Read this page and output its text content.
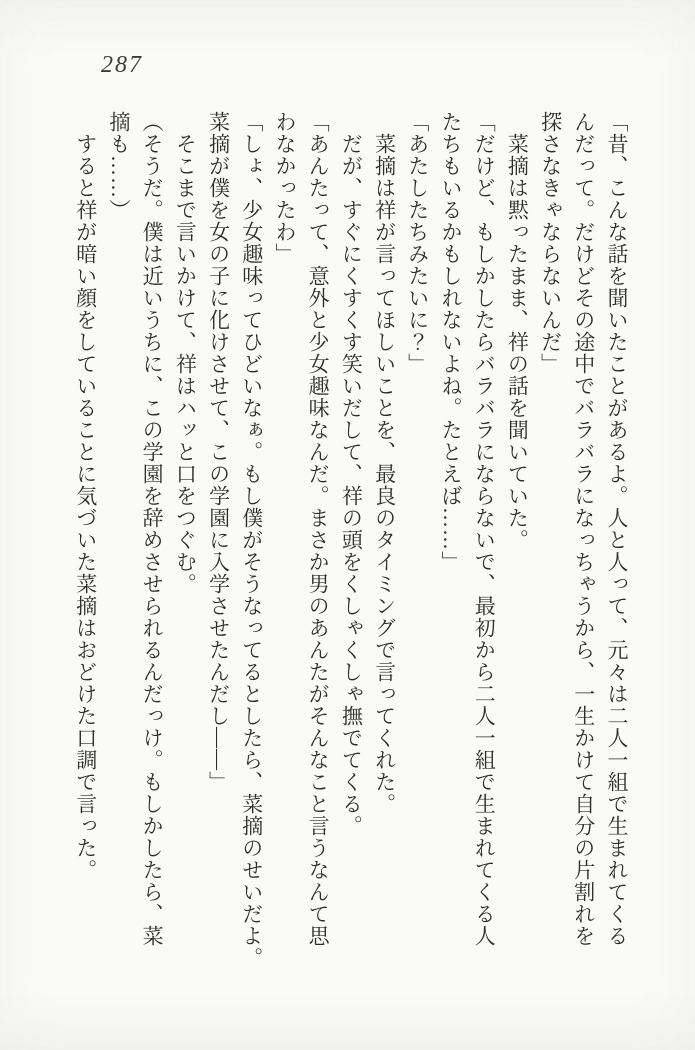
287
「昔、こんな話を聞いたことがあるよ。人と人って、元々は二人一組で生まれてくる
んだって。だけどその途中でバラバラになっちゃうから、一生かけて自分の片割れを
探さなきゃならないんだ」
　菜摘は黙ったまま、祥の話を聞いていた。
「だけど、もしかしたらバラバラにならないで、最初から二人一組で生まれてくる人
たちもいるかもしれないよね。たとえば……」
「あたしたちみたいに？」
　菜摘は祥が言ってほしいことを、最良のタイミングで言ってくれた。
　だが、すぐにくすくす笑いだして、祥の頭をくしゃくしゃ撫でてくる。
「あんたって、意外と少女趣味なんだ。まさか男のあんたがそんなこと言うなんて思
わなかったわ」
「しょ、少女趣味ってひどいなぁ。もし僕がそうなってるとしたら、菜摘のせいだよ。
菜摘が僕を女の子に化けさせて、この学園に入学させたんだし――」
　そこまで言いかけて、祥はハッと口をつぐむ。
（そうだ。僕は近いうちに、この学園を辞めさせられるんだっけ。もしかしたら、菜
摘も……）
　すると祥が暗い顔をしていることに気づいた菜摘はおどけた口調で言った。
